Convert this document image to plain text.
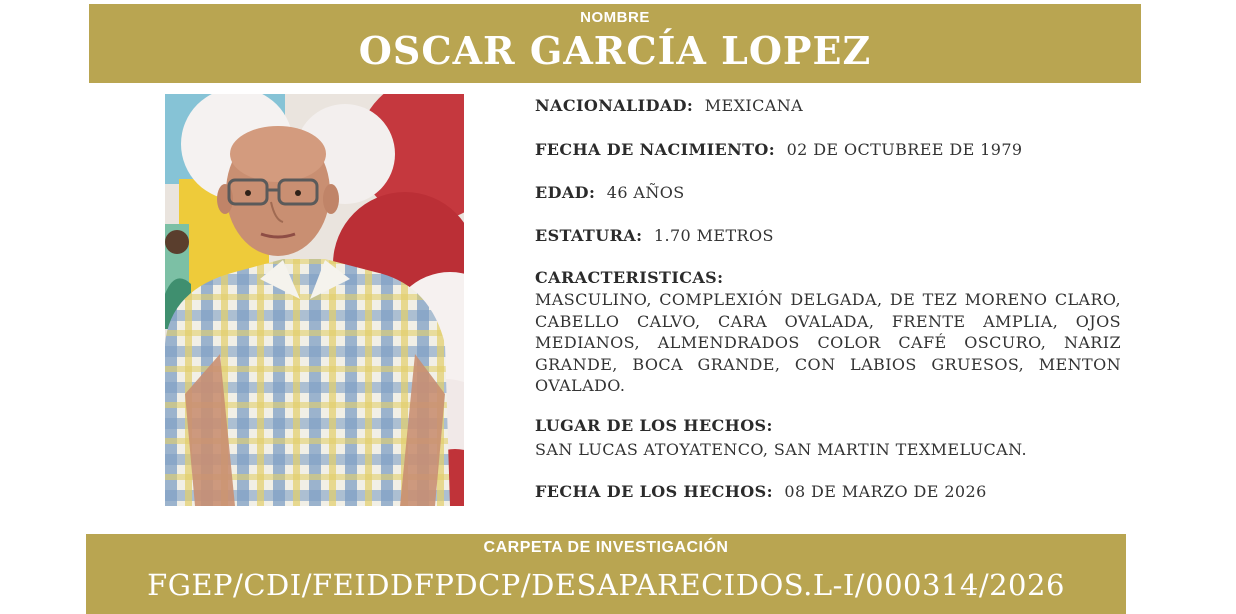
NOMBRE
OSCAR GARCÍA LOPEZ
NACIONALIDAD: MEXICANA
FECHA DE NACIMIENTO: 02 DE OCTUBREE DE 1979
EDAD: 46 AÑOS
ESTATURA: 1.70 METROS
CARACTERISTICAS:
MASCULINO, COMPLEXIÓN DELGADA, DE TEZ MORENO CLARO, CABELLO CALVO, CARA OVALADA, FRENTE AMPLIA, OJOS MEDIANOS, ALMENDRADOS COLOR CAFÉ OSCURO, NARIZ GRANDE, BOCA GRANDE, CON LABIOS GRUESOS, MENTON OVALADO.
LUGAR DE LOS HECHOS:
SAN LUCAS ATOYATENCO, SAN MARTIN TEXMELUCAN.
FECHA DE LOS HECHOS: 08 DE MARZO DE 2026
CARPETA DE INVESTIGACIÓN
FGEP/CDI/FEIDDFPDCP/DESAPARECIDOS.L-I/000314/2026
